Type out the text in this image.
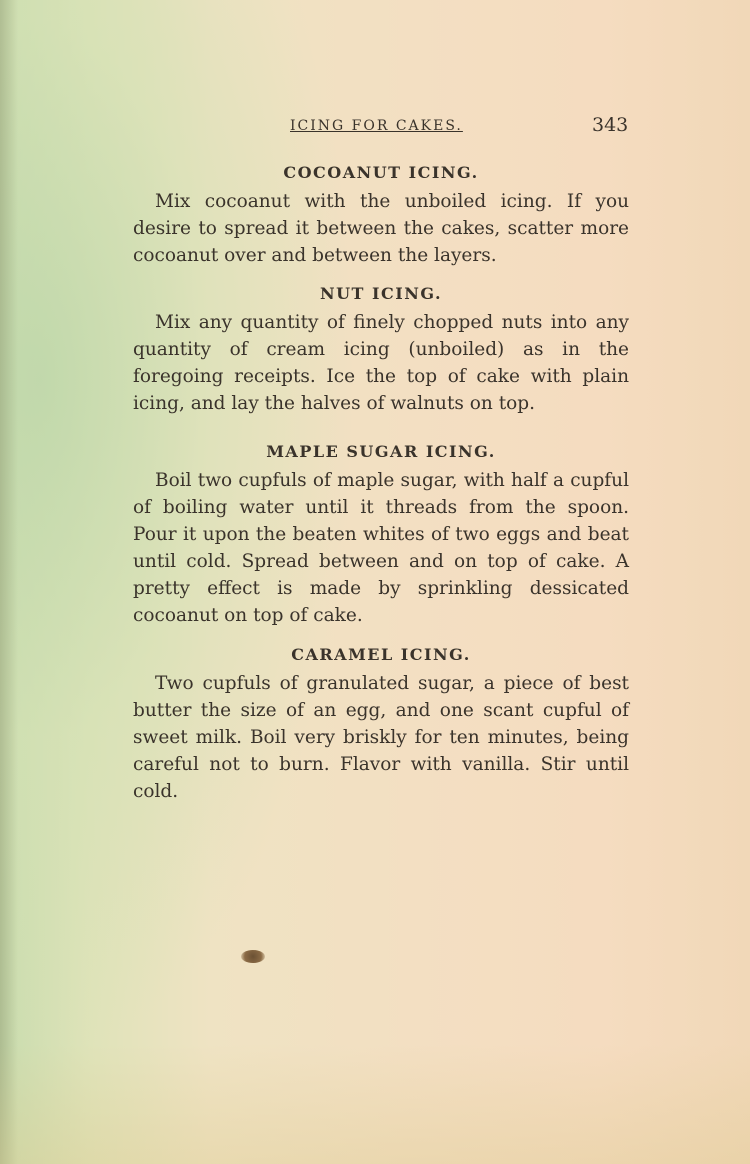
ICING FOR CAKES.	343
COCOANUT ICING.

Mix cocoanut with the unboiled icing. If you desire to spread it between the cakes, scatter more cocoanut over and between the layers.

NUT ICING.

Mix any quantity of finely chopped nuts into any quantity of cream icing (unboiled) as in the foregoing receipts. Ice the top of cake with plain icing, and lay the halves of walnuts on top.

MAPLE SUGAR ICING.

Boil two cupfuls of maple sugar, with half a cupful of boiling water until it threads from the spoon. Pour it upon the beaten whites of two eggs and beat until cold. Spread between and on top of cake. A pretty effect is made by sprinkling dessicated cocoanut on top of cake.

CARAMEL ICING.

Two cupfuls of granulated sugar, a piece of best butter the size of an egg, and one scant cupful of sweet milk. Boil very briskly for ten minutes, being careful not to burn. Flavor with vanilla. Stir until cold.
